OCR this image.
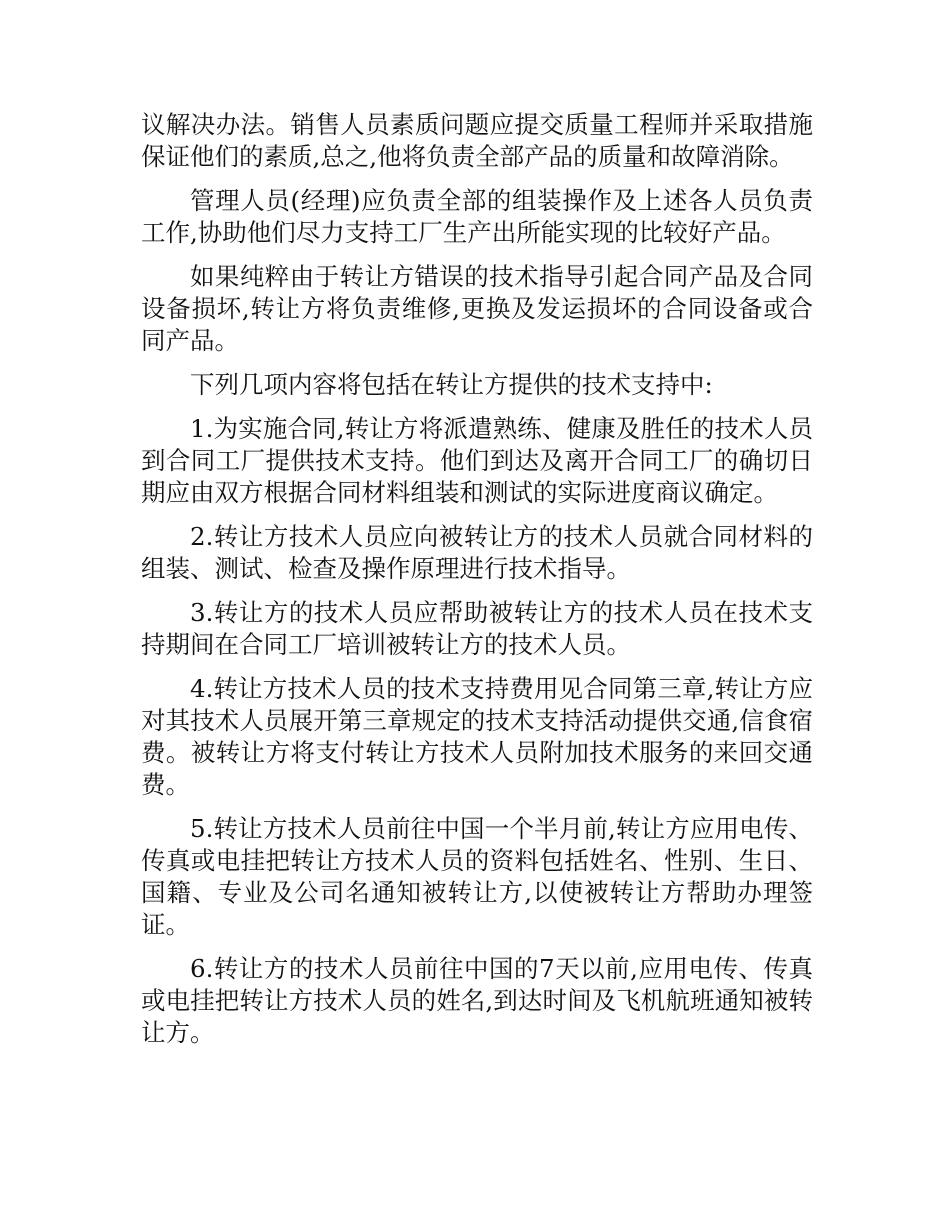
议解决办法。销售人员素质问题应提交质量工程师并采取措施保证他们的素质,总之,他将负责全部产品的质量和故障消除。

管理人员(经理)应负责全部的组装操作及上述各人员负责工作,协助他们尽力支持工厂生产出所能实现的比较好产品。

如果纯粹由于转让方错误的技术指导引起合同产品及合同设备损坏,转让方将负责维修,更换及发运损坏的合同设备或合同产品。

下列几项内容将包括在转让方提供的技术支持中:

1.为实施合同,转让方将派遣熟练、健康及胜任的技术人员到合同工厂提供技术支持。他们到达及离开合同工厂的确切日期应由双方根据合同材料组装和测试的实际进度商议确定。

2.转让方技术人员应向被转让方的技术人员就合同材料的组装、测试、检查及操作原理进行技术指导。

3.转让方的技术人员应帮助被转让方的技术人员在技术支持期间在合同工厂培训被转让方的技术人员。

4.转让方技术人员的技术支持费用见合同第三章,转让方应对其技术人员展开第三章规定的技术支持活动提供交通,信食宿费。被转让方将支付转让方技术人员附加技术服务的来回交通费。

5.转让方技术人员前往中国一个半月前,转让方应用电传、传真或电挂把转让方技术人员的资料包括姓名、性别、生日、国籍、专业及公司名通知被转让方,以使被转让方帮助办理签证。

6.转让方的技术人员前往中国的7天以前,应用电传、传真或电挂把转让方技术人员的姓名,到达时间及飞机航班通知被转让方。
